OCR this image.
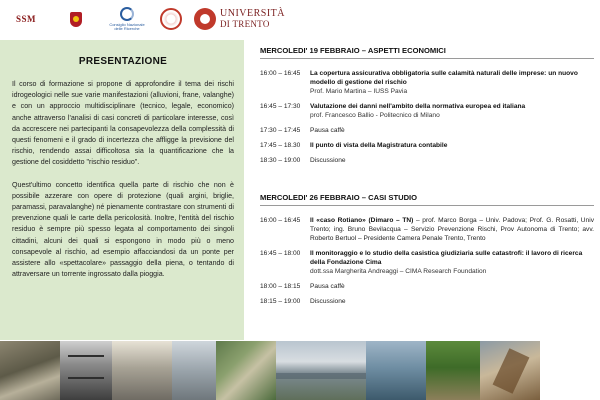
SSM
Consiglio Nazionale
delle Ricerche
UNIVERSITÀ
DI TRENTO
PRESENTAZIONE

Il corso di formazione si propone di approfondire il tema dei rischi idrogeologici nelle sue varie manifestazioni (alluvioni, frane, valanghe) e con un approccio multidisciplinare (tecnico, legale, economico) anche attraverso l'analisi di casi concreti di particolare interesse, così da accrescere nei partecipanti la consapevolezza della complessità di questi fenomeni e il grado di incertezza che affligge la previsione del rischio, rendendo assai difficoltosa sia la quantificazione che la gestione del cosiddetto "rischio residuo".

Quest'ultimo concetto identifica quella parte di rischio che non è possibile azzerare con opere di protezione (quali argini, briglie, paramassi, paravalanghe) né pienamente contrastare con strumenti di prevenzione quali le carte della pericolosità. Inoltre, l'entità del rischio residuo è sempre più spesso legata al comportamento dei singoli cittadini, alcuni dei quali si espongono in modo più o meno consapevole al rischio, ad esempio affacciandosi da un ponte per assistere allo «spettacolare» passaggio della piena, o tentando di attraversare un torrente ingrossato dalla pioggia.

MERCOLEDI' 19 FEBBRAIO – ASPETTI ECONOMICI
16:00 – 16:45	La copertura assicurativa obbligatoria sulle calamità naturali delle imprese: un nuovo modello di gestione del rischio
Prof. Mario Martina – IUSS Pavia
16:45 – 17:30	Valutazione dei danni nell'ambito della normativa europea ed italiana
prof. Francesco Ballio - Politecnico di Milano
17:30 – 17:45	Pausa caffè
17:45 – 18.30	Il punto di vista della Magistratura contabile
18:30 – 19:00	Discussione
MERCOLEDI' 26 FEBBRAIO – CASI STUDIO
16:00 – 16:45	Il «caso Rotiano» (Dimaro – TN) – prof. Marco Borga – Univ. Padova; Prof. G. Rosatti, Univ Trento; ing. Bruno Bevilacqua – Servizio Prevenzione Rischi, Prov Autonoma di Trento; avv. Roberto Bertuol – Presidente Camera Penale Trento, Trento
16:45 – 18:00	Il monitoraggio e lo studio della casistica giudiziaria sulle catastrofi: il lavoro di ricerca della Fondazione Cima
dott.ssa Margherita Andreaggi – CIMA Research Foundation
18:00 – 18:15	Pausa caffè
18:15 – 19:00	Discussione
